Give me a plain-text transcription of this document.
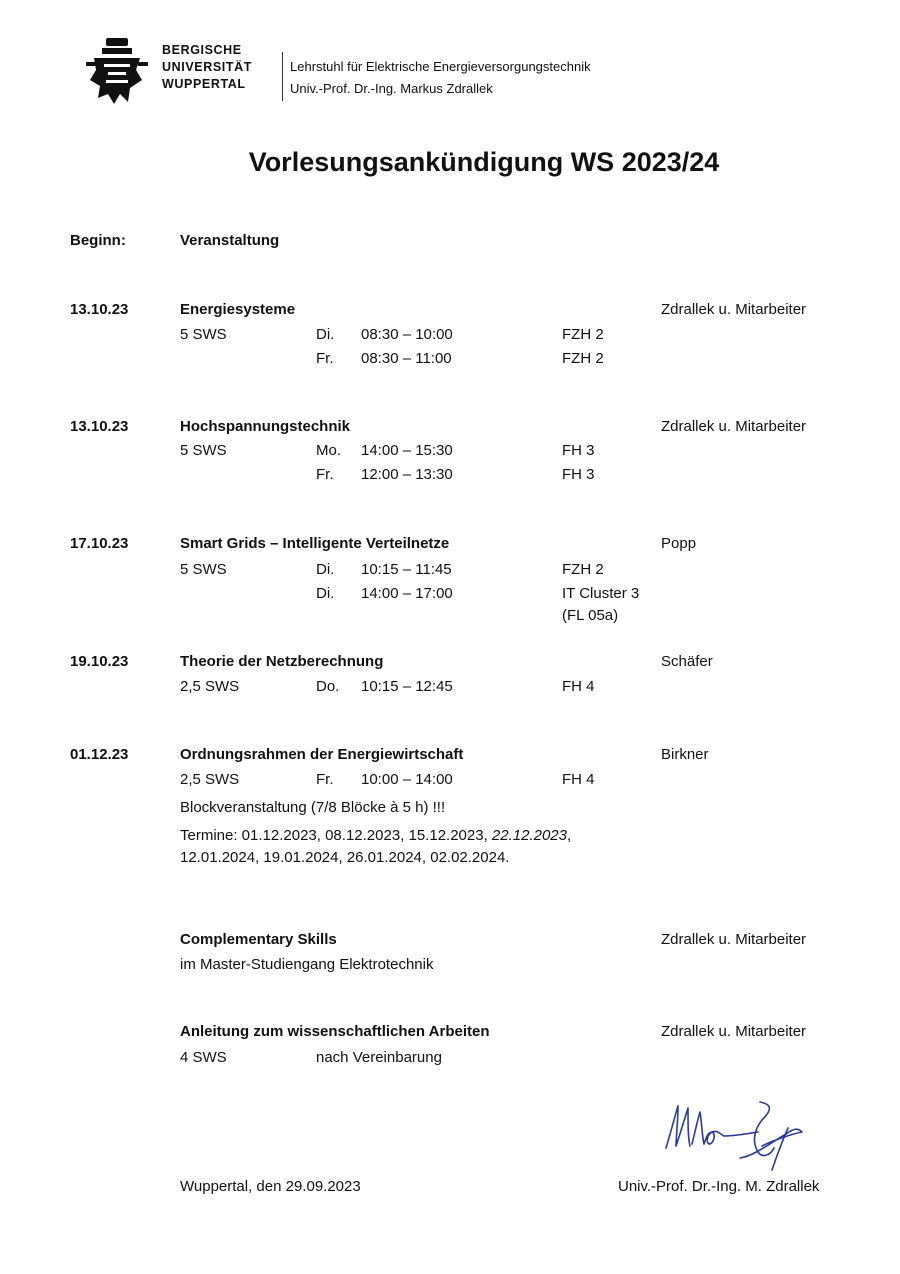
BERGISCHE
UNIVERSITÄT
WUPPERTAL
Lehrstuhl für Elektrische Energieversorgungstechnik
Univ.-Prof. Dr.-Ing. Markus Zdrallek
Vorlesungsankündigung WS 2023/24
Beginn:	Veranstaltung
13.10.23	Energiesysteme	Zdrallek u. Mitarbeiter
5 SWS	Di. 08:30 – 10:00	FZH 2
Fr. 08:30 – 11:00	FZH 2
13.10.23	Hochspannungstechnik	Zdrallek u. Mitarbeiter
5 SWS	Mo. 14:00 – 15:30	FH 3
Fr. 12:00 – 13:30	FH 3
17.10.23	Smart Grids – Intelligente Verteilnetze	Popp
5 SWS	Di. 10:15 – 11:45	FZH 2
Di. 14:00 – 17:00	IT Cluster 3
(FL 05a)
19.10.23	Theorie der Netzberechnung	Schäfer
2,5 SWS	Do. 10:15 – 12:45	FH 4
01.12.23	Ordnungsrahmen der Energiewirtschaft	Birkner
2,5 SWS	Fr. 10:00 – 14:00	FH 4
Blockveranstaltung (7/8 Blöcke à 5 h) !!!
Termine: 01.12.2023, 08.12.2023, 15.12.2023, 22.12.2023,
12.01.2024, 19.01.2024, 26.01.2024, 02.02.2024.
Complementary Skills	Zdrallek u. Mitarbeiter
im Master-Studiengang Elektrotechnik
Anleitung zum wissenschaftlichen Arbeiten	Zdrallek u. Mitarbeiter
4 SWS	nach Vereinbarung
Wuppertal, den 29.09.2023	Univ.-Prof. Dr.-Ing. M. Zdrallek
